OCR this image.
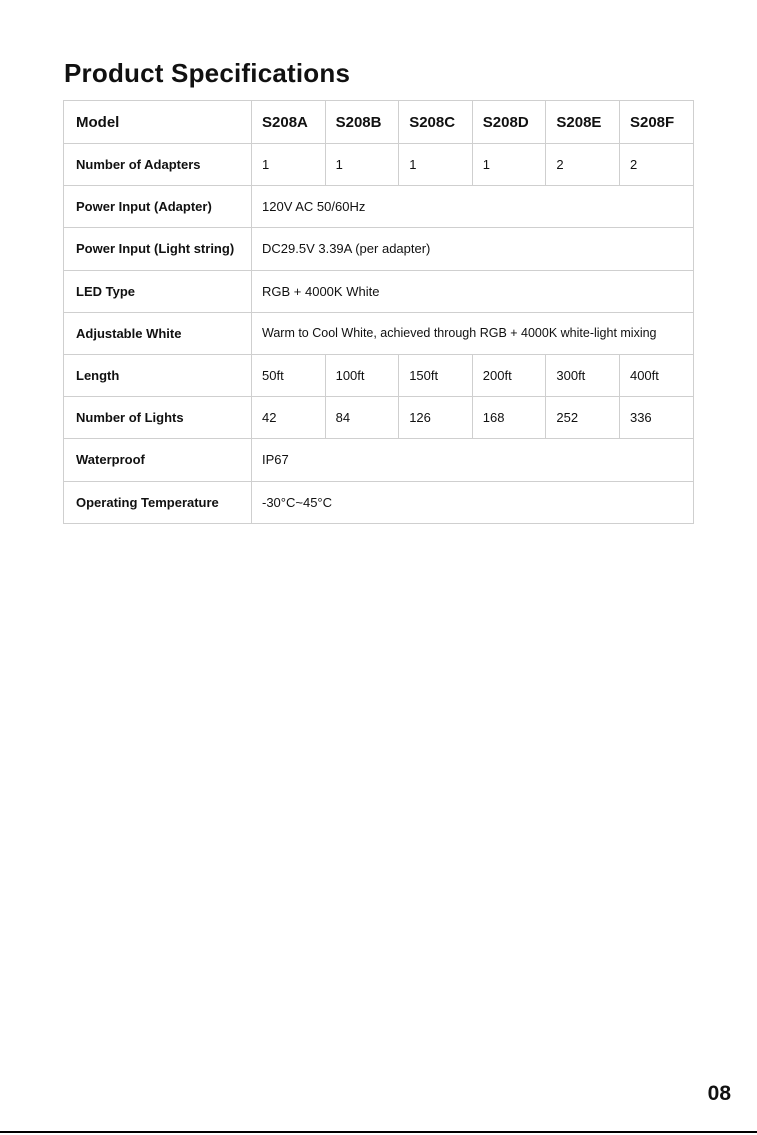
Product Specifications
Model	S208A	S208B	S208C	S208D	S208E	S208F
Number of Adapters	1	1	1	1	2	2
Power Input (Adapter)	120V AC 50/60Hz					
Power Input (Light string)	DC29.5V 3.39A (per adapter)					
LED Type	RGB + 4000K White					
Adjustable White	Warm to Cool White, achieved through RGB + 4000K white-light mixing					
Length	50ft	100ft	150ft	200ft	300ft	400ft
Number of Lights	42	84	126	168	252	336
Waterproof	IP67					
Operating Temperature	-30°C~45°C					
08
